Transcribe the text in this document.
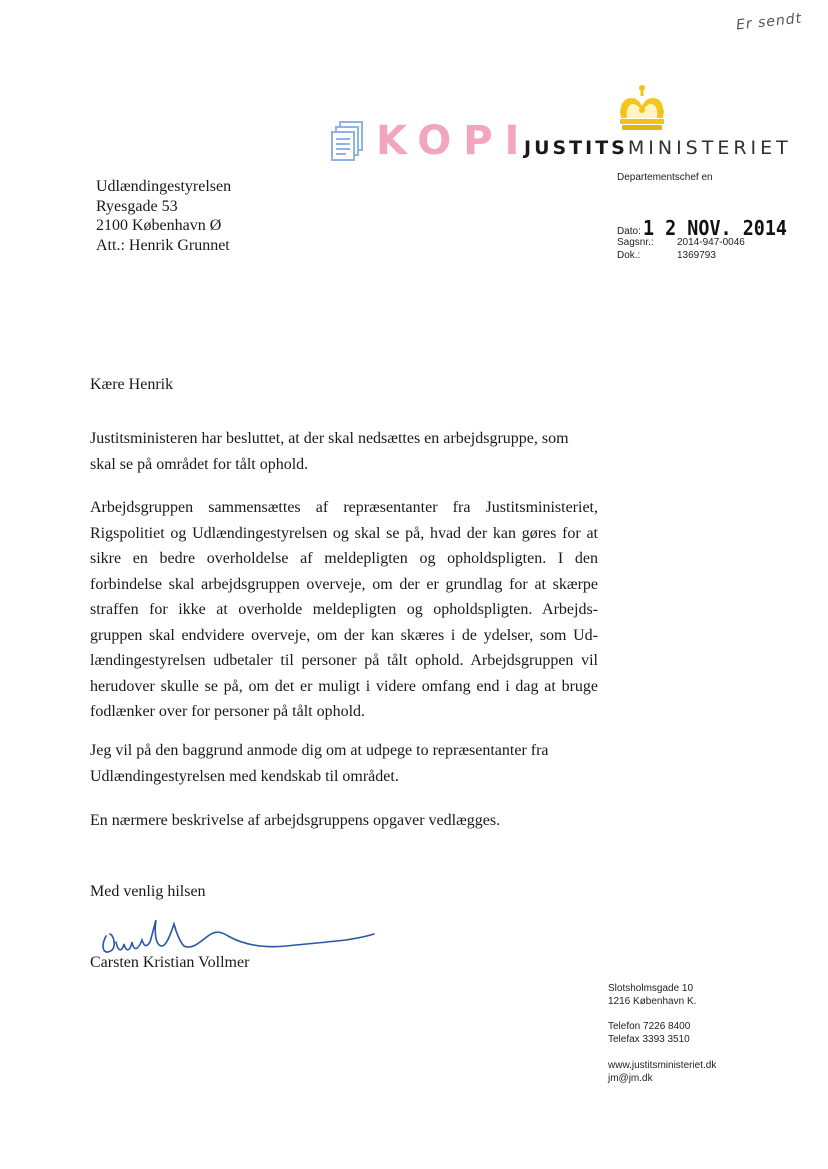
Er sendt
KOPI
JUSTITSMINISTERIET
Departementschef en
Udlændingestyrelsen
Ryesgade 53
2100 København Ø
Att.: Henrik Grunnet
Dato: 1 2 NOV. 2014
Sagsnr.: 2014-947-0046
Dok.:	1369793
Kære Henrik

Justitsministeren har besluttet, at der skal nedsættes en arbejdsgruppe, som skal se på området for tålt ophold.

Arbejdsgruppen sammensættes af repræsentanter fra Justitsministeriet, Rigspolitiet og Udlændingestyrelsen og skal se på, hvad der kan gøres for at sikre en bedre overholdelse af meldepligten og opholdspligten. I den forbindelse skal arbejdsgruppen overveje, om der er grundlag for at skærpe straffen for ikke at overholde meldepligten og opholdspligten. Arbejds-gruppen skal endvidere overveje, om der kan skæres i de ydelser, som Ud-lændingestyrelsen udbetaler til personer på tålt ophold. Arbejdsgruppen vil herudover skulle se på, om det er muligt i videre omfang end i dag at bruge fodlænker over for personer på tålt ophold.

Jeg vil på den baggrund anmode dig om at udpege to repræsentanter fra Udlændingestyrelsen med kendskab til området.

En nærmere beskrivelse af arbejdsgruppens opgaver vedlægges.

Med venlig hilsen
Carsten Kristian Vollmer
Slotsholmsgade 10
1216 København K.
Telefon 7226 8400
Telefax 3393 3510
www.justitsministeriet.dk
jm@jm.dk
